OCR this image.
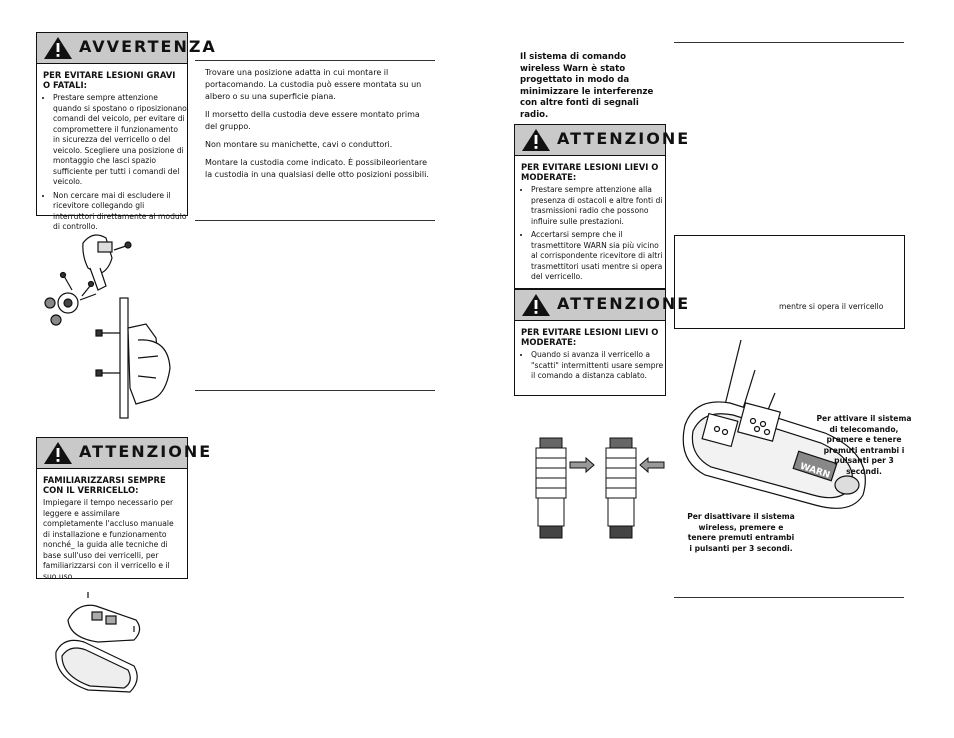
AVVERTENZA
PER EVITARE LESIONI GRAVI O FATALI:
• Prestare sempre attenzione quando si spostano o riposizionano comandi del veicolo, per evitare di compromettere il funzionamento in sicurezza del verricello o del veicolo. Scegliere una posizione di montaggio che lasci spazio sufficiente per tutti i comandi del veicolo.
• Non cercare mai di escludere il ricevitore collegando gli interruttori direttamente al modulo di controllo.

Trovare una posizione adatta in cui montare il portacomando. La custodia può essere montata su un albero o su una superficie piana.

Il morsetto della custodia deve essere montato prima del gruppo.

Non montare su manichette, cavi o conduttori.

Montare la custodia come indicato. È possibileorientare la custodia in una qualsiasi delle otto posizioni possibili.

ATTENZIONE
FAMILIARIZZARSI SEMPRE CON IL VERRICELLO:
Impiegare il tempo necessario per leggere e assimilare completamente l'accluso manuale di installazione e funzionamento nonché_ la guida alle tecniche di base sull'uso dei verricelli, per familiarizzarsi con il verricello e il suo uso.
Il sistema di comando wireless Warn è stato progettato in modo da minimizzare le interferenze con altre fonti di segnali radio.
ATTENZIONE
PER EVITARE LESIONI LIEVI O MODERATE:
• Prestare sempre attenzione alla presenza di ostacoli e altre fonti di trasmissioni radio che possono influire sulle prestazioni.
• Accertarsi sempre che il trasmettitore WARN sia più vicino al corrispondente ricevitore di altri trasmettitori usati mentre si opera del verricello.
ATTENZIONE
PER EVITARE LESIONI LIEVI O MODERATE:
• Quando si avanza il verricello a "scatti" intermittenti usare sempre il comando a distanza cablato.
mentre si opera il verricello
WARN
Per attivare il sistema di telecomando, premere e tenere premuti entrambi i pulsanti per 3 secondi.
Per disattivare il sistema wireless, premere e tenere premuti entrambi i pulsanti per 3 secondi.
